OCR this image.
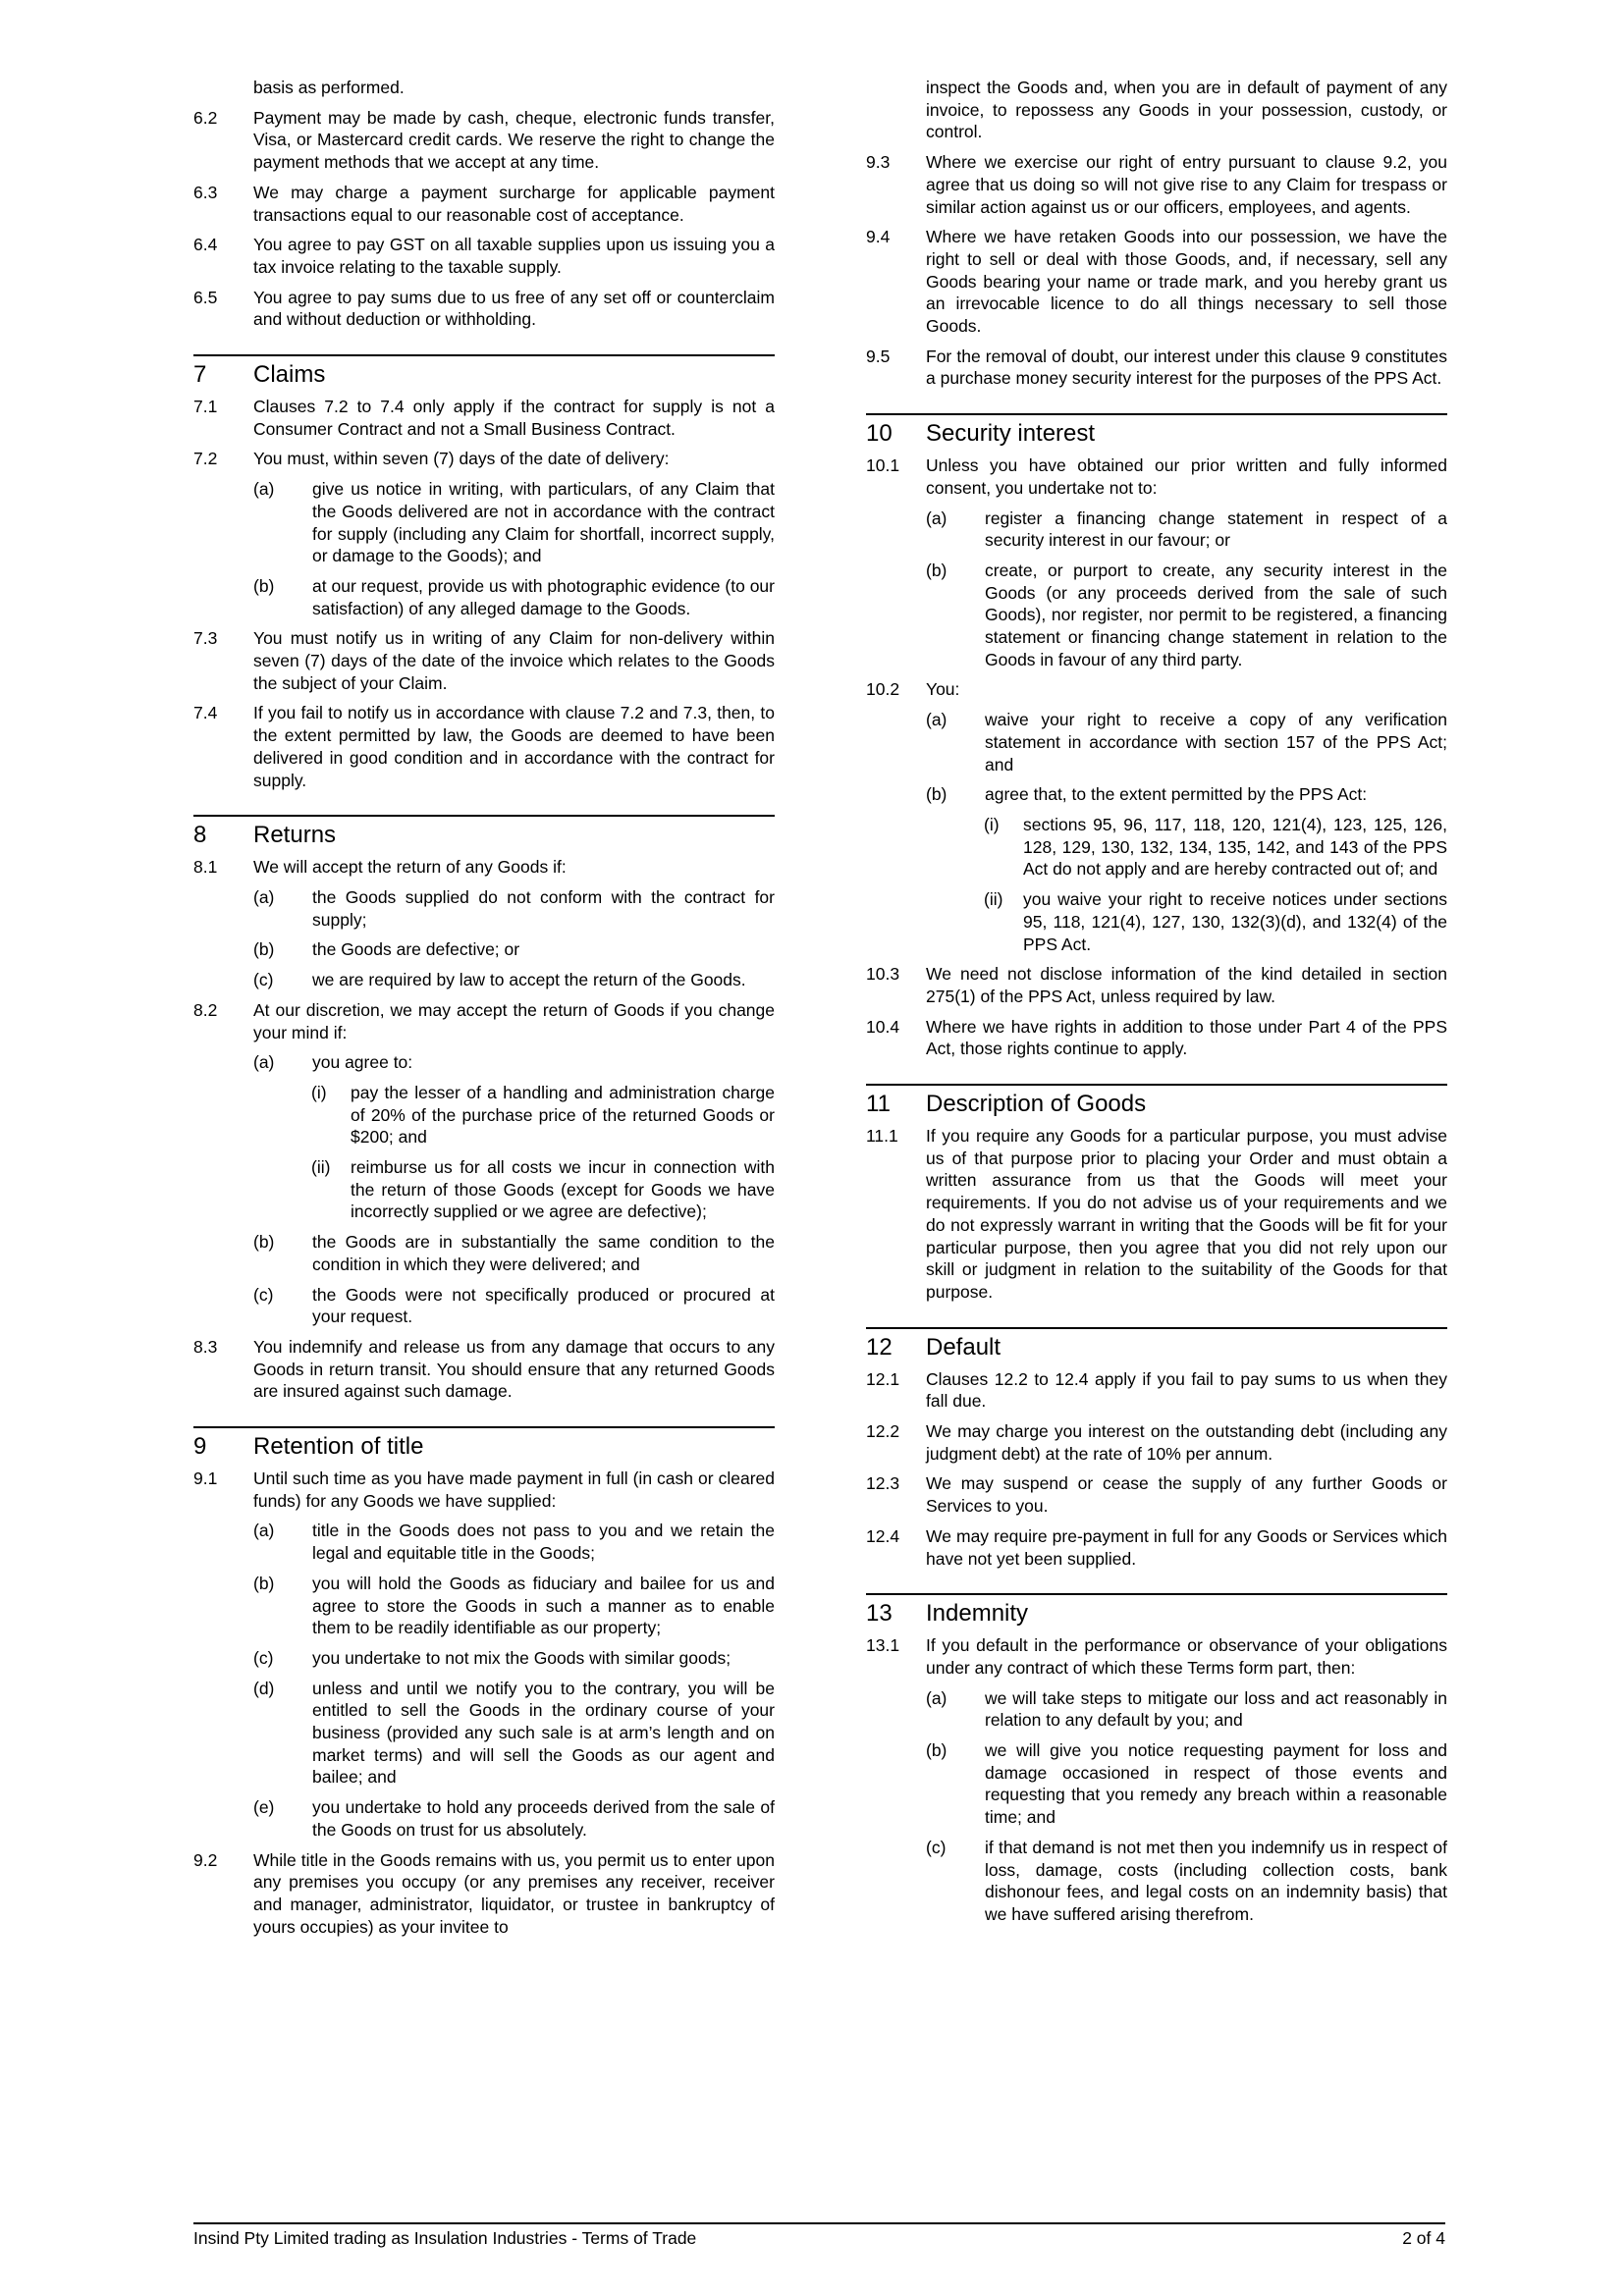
basis as performed.
6.2	Payment may be made by cash, cheque, electronic funds transfer, Visa, or Mastercard credit cards. We reserve the right to change the payment methods that we accept at any time.
6.3	We may charge a payment surcharge for applicable payment transactions equal to our reasonable cost of acceptance.
6.4	You agree to pay GST on all taxable supplies upon us issuing you a tax invoice relating to the taxable supply.
6.5	You agree to pay sums due to us free of any set off or counterclaim and without deduction or withholding.
7	Claims
7.1	Clauses 7.2 to 7.4 only apply if the contract for supply is not a Consumer Contract and not a Small Business Contract.
7.2	You must, within seven (7) days of the date of delivery:
(a)	give us notice in writing, with particulars, of any Claim that the Goods delivered are not in accordance with the contract for supply (including any Claim for shortfall, incorrect supply, or damage to the Goods); and
(b)	at our request, provide us with photographic evidence (to our satisfaction) of any alleged damage to the Goods.
7.3	You must notify us in writing of any Claim for non-delivery within seven (7) days of the date of the invoice which relates to the Goods the subject of your Claim.
7.4	If you fail to notify us in accordance with clause 7.2 and 7.3, then, to the extent permitted by law, the Goods are deemed to have been delivered in good condition and in accordance with the contract for supply.
8	Returns
8.1	We will accept the return of any Goods if:
(a)	the Goods supplied do not conform with the contract for supply;
(b)	the Goods are defective; or
(c)	we are required by law to accept the return of the Goods.
8.2	At our discretion, we may accept the return of Goods if you change your mind if:
(a)	you agree to:
(i)	pay the lesser of a handling and administration charge of 20% of the purchase price of the returned Goods or $200; and
(ii)	reimburse us for all costs we incur in connection with the return of those Goods (except for Goods we have incorrectly supplied or we agree are defective);
(b)	the Goods are in substantially the same condition to the condition in which they were delivered; and
(c)	the Goods were not specifically produced or procured at your request.
8.3	You indemnify and release us from any damage that occurs to any Goods in return transit. You should ensure that any returned Goods are insured against such damage.
9	Retention of title
9.1	Until such time as you have made payment in full (in cash or cleared funds) for any Goods we have supplied:
(a)	title in the Goods does not pass to you and we retain the legal and equitable title in the Goods;
(b)	you will hold the Goods as fiduciary and bailee for us and agree to store the Goods in such a manner as to enable them to be readily identifiable as our property;
(c)	you undertake to not mix the Goods with similar goods;
(d)	unless and until we notify you to the contrary, you will be entitled to sell the Goods in the ordinary course of your business (provided any such sale is at arm’s length and on market terms) and will sell the Goods as our agent and bailee; and
(e)	you undertake to hold any proceeds derived from the sale of the Goods on trust for us absolutely.
9.2	While title in the Goods remains with us, you permit us to enter upon any premises you occupy (or any premises any receiver, receiver and manager, administrator, liquidator, or trustee in bankruptcy of yours occupies) as your invitee to
inspect the Goods and, when you are in default of payment of any invoice, to repossess any Goods in your possession, custody, or control.
9.3	Where we exercise our right of entry pursuant to clause 9.2, you agree that us doing so will not give rise to any Claim for trespass or similar action against us or our officers, employees, and agents.
9.4	Where we have retaken Goods into our possession, we have the right to sell or deal with those Goods, and, if necessary, sell any Goods bearing your name or trade mark, and you hereby grant us an irrevocable licence to do all things necessary to sell those Goods.
9.5	For the removal of doubt, our interest under this clause 9 constitutes a purchase money security interest for the purposes of the PPS Act.
10	Security interest
10.1	Unless you have obtained our prior written and fully informed consent, you undertake not to:
(a)	register a financing change statement in respect of a security interest in our favour; or
(b)	create, or purport to create, any security interest in the Goods (or any proceeds derived from the sale of such Goods), nor register, nor permit to be registered, a financing statement or financing change statement in relation to the Goods in favour of any third party.
10.2	You:
(a)	waive your right to receive a copy of any verification statement in accordance with section 157 of the PPS Act; and
(b)	agree that, to the extent permitted by the PPS Act:
(i)	sections 95, 96, 117, 118, 120, 121(4), 123, 125, 126, 128, 129, 130, 132, 134, 135, 142, and 143 of the PPS Act do not apply and are hereby contracted out of; and
(ii)	you waive your right to receive notices under sections 95, 118, 121(4), 127, 130, 132(3)(d), and 132(4) of the PPS Act.
10.3	We need not disclose information of the kind detailed in section 275(1) of the PPS Act, unless required by law.
10.4	Where we have rights in addition to those under Part 4 of the PPS Act, those rights continue to apply.
11	Description of Goods
11.1	If you require any Goods for a particular purpose, you must advise us of that purpose prior to placing your Order and must obtain a written assurance from us that the Goods will meet your requirements. If you do not advise us of your requirements and we do not expressly warrant in writing that the Goods will be fit for your particular purpose, then you agree that you did not rely upon our skill or judgment in relation to the suitability of the Goods for that purpose.
12	Default
12.1	Clauses 12.2 to 12.4 apply if you fail to pay sums to us when they fall due.
12.2	We may charge you interest on the outstanding debt (including any judgment debt) at the rate of 10% per annum.
12.3	We may suspend or cease the supply of any further Goods or Services to you.
12.4	We may require pre-payment in full for any Goods or Services which have not yet been supplied.
13	Indemnity
13.1	If you default in the performance or observance of your obligations under any contract of which these Terms form part, then:
(a)	we will take steps to mitigate our loss and act reasonably in relation to any default by you; and
(b)	we will give you notice requesting payment for loss and damage occasioned in respect of those events and requesting that you remedy any breach within a reasonable time; and
(c)	if that demand is not met then you indemnify us in respect of loss, damage, costs (including collection costs, bank dishonour fees, and legal costs on an indemnity basis) that we have suffered arising therefrom.
Insind Pty Limited trading as Insulation Industries - Terms of Trade	2 of 4
